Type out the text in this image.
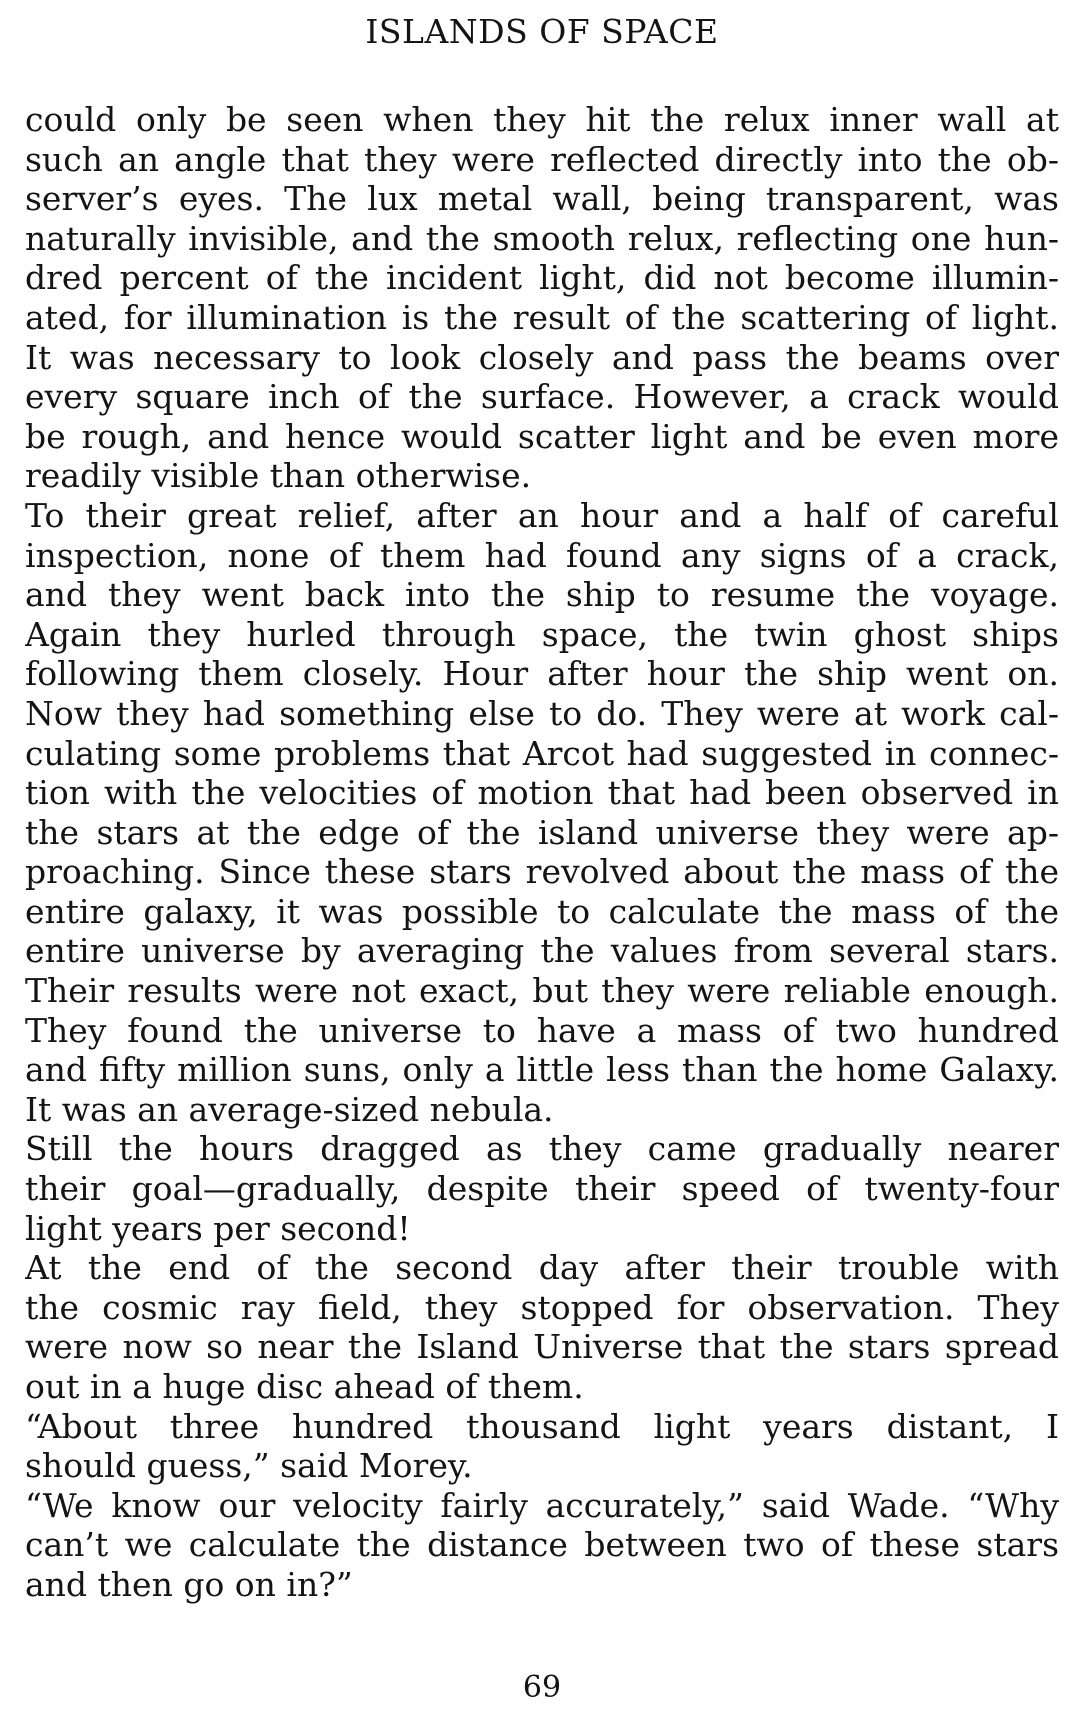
ISLANDS OF SPACE
could only be seen when they hit the relux inner wall at
such an angle that they were reflected directly into the ob-
server’s eyes. The lux metal wall, being transparent, was
naturally invisible, and the smooth relux, reflecting one hun-
dred percent of the incident light, did not become illumin-
ated, for illumination is the result of the scattering of light.
It was necessary to look closely and pass the beams over
every square inch of the surface. However, a crack would
be rough, and hence would scatter light and be even more
readily visible than otherwise.
To their great relief, after an hour and a half of careful
inspection, none of them had found any signs of a crack,
and they went back into the ship to resume the voyage.
Again they hurled through space, the twin ghost ships
following them closely. Hour after hour the ship went on.
Now they had something else to do. They were at work cal-
culating some problems that Arcot had suggested in connec-
tion with the velocities of motion that had been observed in
the stars at the edge of the island universe they were ap-
proaching. Since these stars revolved about the mass of the
entire galaxy, it was possible to calculate the mass of the
entire universe by averaging the values from several stars.
Their results were not exact, but they were reliable enough.
They found the universe to have a mass of two hundred
and fifty million suns, only a little less than the home Galaxy.
It was an average-sized nebula.
Still the hours dragged as they came gradually nearer
their goal—gradually, despite their speed of twenty-four
light years per second!
At the end of the second day after their trouble with
the cosmic ray field, they stopped for observation. They
were now so near the Island Universe that the stars spread
out in a huge disc ahead of them.
“About three hundred thousand light years distant, I
should guess,” said Morey.
“We know our velocity fairly accurately,” said Wade. “Why
can’t we calculate the distance between two of these stars
and then go on in?”
69
